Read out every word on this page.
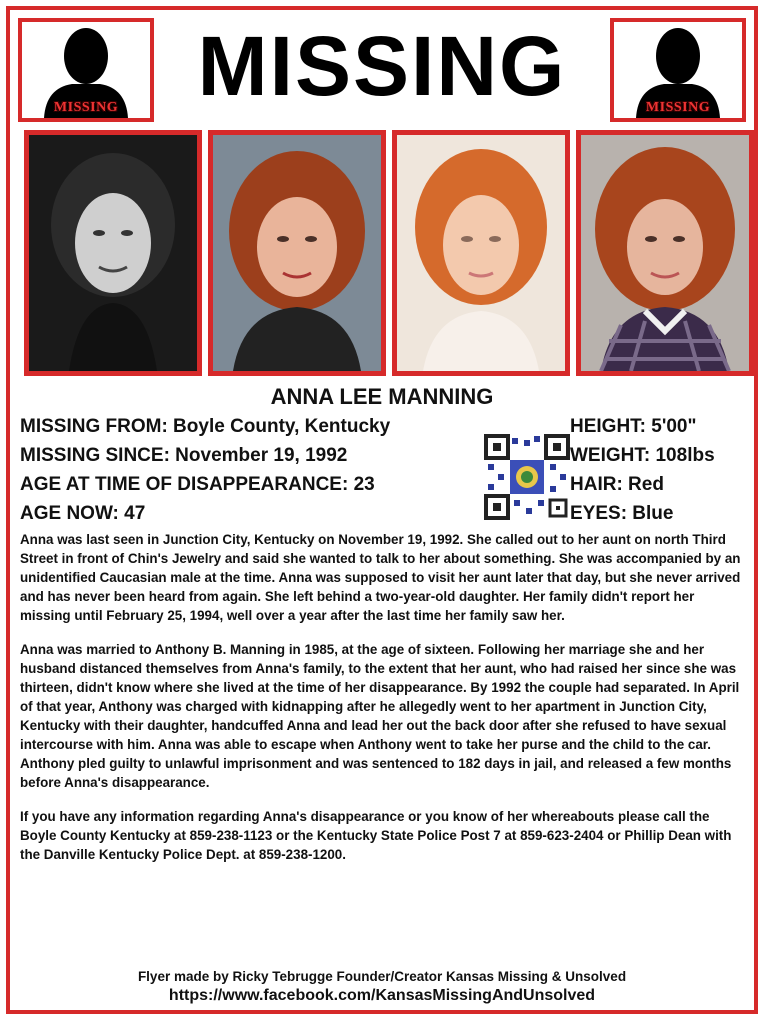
MISSING MISSING	MISSING
ANNA LEE MANNING
MISSING FROM: Boyle County, Kentucky
MISSING SINCE: November 19, 1992
AGE AT TIME OF DISAPPEARANCE: 23
AGE NOW: 47
HEIGHT: 5'00"
WEIGHT: 108lbs
HAIR: Red
EYES: Blue

Anna was last seen in Junction City, Kentucky on November 19, 1992. She called out to her aunt on north Third Street in front of Chin's Jewelry and said she wanted to talk to her about something. She was accompanied by an unidentified Caucasian male at the time. Anna was supposed to visit her aunt later that day, but she never arrived and has never been heard from again. She left behind a two-year-old daughter. Her family didn't report her missing until February 25, 1994, well over a year after the last time her family saw her.

Anna was married to Anthony B. Manning in 1985, at the age of sixteen. Following her marriage she and her husband distanced themselves from Anna's family, to the extent that her aunt, who had raised her since she was thirteen, didn't know where she lived at the time of her disappearance. By 1992 the couple had separated. In April of that year, Anthony was charged with kidnapping after he allegedly went to her apartment in Junction City, Kentucky with their daughter, handcuffed Anna and lead her out the back door after she refused to have sexual intercourse with him. Anna was able to escape when Anthony went to take her purse and the child to the car. Anthony pled guilty to unlawful imprisonment and was sentenced to 182 days in jail, and released a few months before Anna's disappearance.

If you have any information regarding Anna's disappearance or you know of her whereabouts please call the Boyle County Kentucky at 859-238-1123 or the Kentucky State Police Post 7 at 859-623-2404 or Phillip Dean with the Danville Kentucky Police Dept. at 859-238-1200.

Flyer made by Ricky Tebrugge Founder/Creator Kansas Missing & Unsolved
https://www.facebook.com/KansasMissingAndUnsolved
